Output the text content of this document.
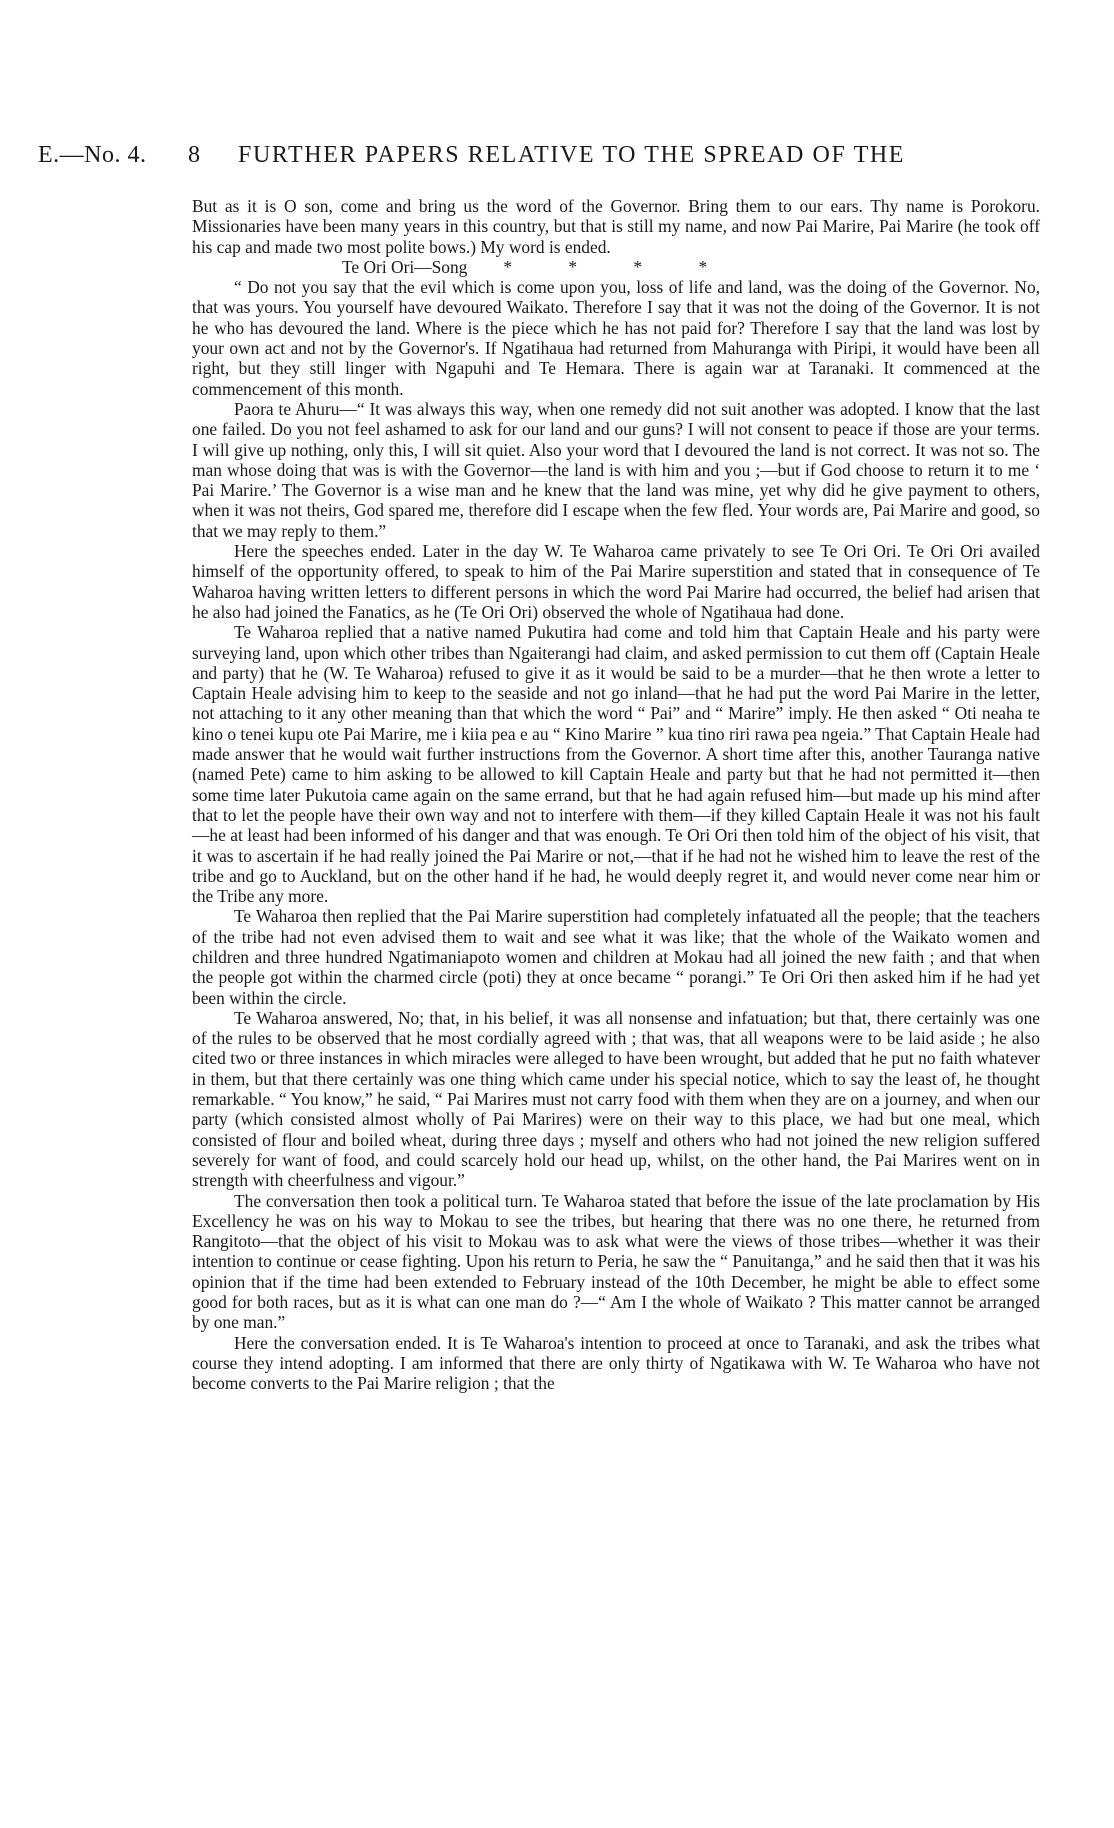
E.—No. 4. 8 FURTHER PAPERS RELATIVE TO THE SPREAD OF THE

But as it is O son, come and bring us the word of the Governor. Bring them to our ears. Thy name is Porokoru. Missionaries have been many years in this country, but that is still my name, and now Pai Marire, Pai Marire (he took off his cap and made two most polite bows.) My word is ended.

Te Ori Ori—Song * * * *

“ Do not you say that the evil which is come upon you, loss of life and land, was the doing of the Governor. No, that was yours. You yourself have devoured Waikato. Therefore I say that it was not the doing of the Governor. It is not he who has devoured the land. Where is the piece which he has not paid for? Therefore I say that the land was lost by your own act and not by the Governor's. If Ngatihaua had returned from Mahuranga with Piripi, it would have been all right, but they still linger with Ngapuhi and Te Hemara. There is again war at Taranaki. It commenced at the commencement of this month.

Paora te Ahuru—“ It was always this way, when one remedy did not suit another was adopted. I know that the last one failed. Do you not feel ashamed to ask for our land and our guns? I will not consent to peace if those are your terms. I will give up nothing, only this, I will sit quiet. Also your word that I devoured the land is not correct. It was not so. The man whose doing that was is with the Governor—the land is with him and you ;—but if God choose to return it to me ‘ Pai Marire.’ The Governor is a wise man and he knew that the land was mine, yet why did he give payment to others, when it was not theirs, God spared me, therefore did I escape when the few fled. Your words are, Pai Marire and good, so that we may reply to them.”

Here the speeches ended. Later in the day W. Te Waharoa came privately to see Te Ori Ori. Te Ori Ori availed himself of the opportunity offered, to speak to him of the Pai Marire superstition and stated that in consequence of Te Waharoa having written letters to different persons in which the word Pai Marire had occurred, the belief had arisen that he also had joined the Fanatics, as he (Te Ori Ori) observed the whole of Ngatihaua had done.

Te Waharoa replied that a native named Pukutira had come and told him that Captain Heale and his party were surveying land, upon which other tribes than Ngaiterangi had claim, and asked permission to cut them off (Captain Heale and party) that he (W. Te Waharoa) refused to give it as it would be said to be a murder—that he then wrote a letter to Captain Heale advising him to keep to the seaside and not go inland—that he had put the word Pai Marire in the letter, not attaching to it any other meaning than that which the word “ Pai” and “ Marire” imply. He then asked “ Oti neaha te kino o tenei kupu ote Pai Marire, me i kiia pea e au “ Kino Marire ” kua tino riri rawa pea ngeia.” That Captain Heale had made answer that he would wait further instructions from the Governor. A short time after this, another Tauranga native (named Pete) came to him asking to be allowed to kill Captain Heale and party but that he had not permitted it—then some time later Pukutoia came again on the same errand, but that he had again refused him—but made up his mind after that to let the people have their own way and not to interfere with them—if they killed Captain Heale it was not his fault—he at least had been informed of his danger and that was enough. Te Ori Ori then told him of the object of his visit, that it was to ascertain if he had really joined the Pai Marire or not,—that if he had not he wished him to leave the rest of the tribe and go to Auckland, but on the other hand if he had, he would deeply regret it, and would never come near him or the Tribe any more.

Te Waharoa then replied that the Pai Marire superstition had completely infatuated all the people; that the teachers of the tribe had not even advised them to wait and see what it was like; that the whole of the Waikato women and children and three hundred Ngatimaniapoto women and children at Mokau had all joined the new faith ; and that when the people got within the charmed circle (poti) they at once became “ porangi.” Te Ori Ori then asked him if he had yet been within the circle.

Te Waharoa answered, No; that, in his belief, it was all nonsense and infatuation; but that, there certainly was one of the rules to be observed that he most cordially agreed with ; that was, that all weapons were to be laid aside ; he also cited two or three instances in which miracles were alleged to have been wrought, but added that he put no faith whatever in them, but that there certainly was one thing which came under his special notice, which to say the least of, he thought remarkable. “ You know,” he said, “ Pai Marires must not carry food with them when they are on a journey, and when our party (which consisted almost wholly of Pai Marires) were on their way to this place, we had but one meal, which consisted of flour and boiled wheat, during three days ; myself and others who had not joined the new religion suffered severely for want of food, and could scarcely hold our head up, whilst, on the other hand, the Pai Marires went on in strength with cheerfulness and vigour.”

The conversation then took a political turn. Te Waharoa stated that before the issue of the late proclamation by His Excellency he was on his way to Mokau to see the tribes, but hearing that there was no one there, he returned from Rangitoto—that the object of his visit to Mokau was to ask what were the views of those tribes—whether it was their intention to continue or cease fighting. Upon his return to Peria, he saw the “ Panuitanga,” and he said then that it was his opinion that if the time had been extended to February instead of the 10th December, he might be able to effect some good for both races, but as it is what can one man do ?—“ Am I the whole of Waikato ? This matter cannot be arranged by one man.”

Here the conversation ended. It is Te Waharoa's intention to proceed at once to Taranaki, and ask the tribes what course they intend adopting. I am informed that there are only thirty of Ngatikawa with W. Te Waharoa who have not become converts to the Pai Marire religion ; that the
